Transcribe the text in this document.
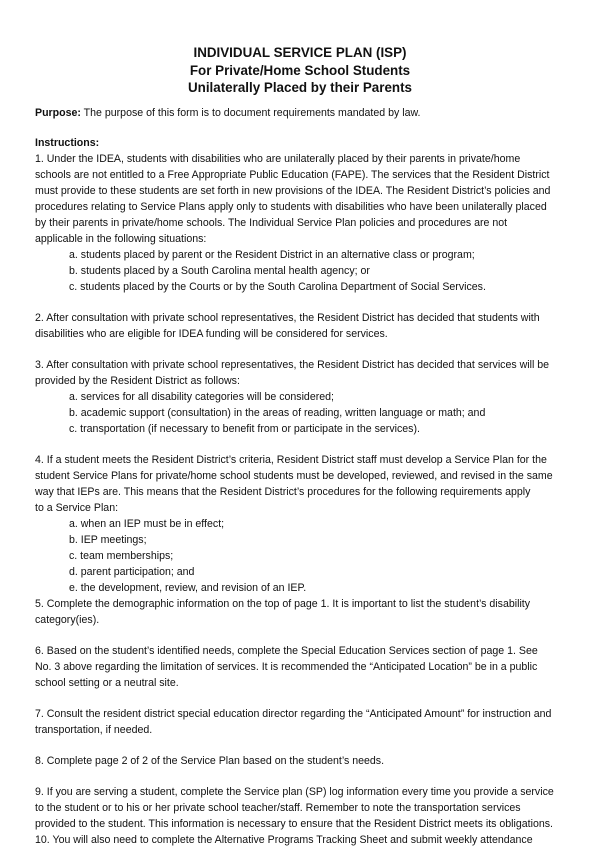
INDIVIDUAL SERVICE PLAN (ISP)

For Private/Home School Students

Unilaterally Placed by their Parents

Purpose: The purpose of this form is to document requirements mandated by law.

Instructions:

1. Under the IDEA, students with disabilities who are unilaterally placed by their parents in private/home

schools are not entitled to a Free Appropriate Public Education (FAPE). The services that the Resident District

must provide to these students are set forth in new provisions of the IDEA. The Resident District’s policies and

procedures relating to Service Plans apply only to students with disabilities who have been unilaterally placed

by their parents in private/home schools. The Individual Service Plan policies and procedures are not

applicable in the following situations:

a. students placed by parent or the Resident District in an alternative class or program;

b. students placed by a South Carolina mental health agency; or

c. students placed by the Courts or by the South Carolina Department of Social Services.

2. After consultation with private school representatives, the Resident District has decided that students with

disabilities who are eligible for IDEA funding will be considered for services.

3. After consultation with private school representatives, the Resident District has decided that services will be

provided by the Resident District as follows:

a. services for all disability categories will be considered;

b. academic support (consultation) in the areas of reading, written language or math; and

c. transportation (if necessary to benefit from or participate in the services).

4. If a student meets the Resident District’s criteria, Resident District staff must develop a Service Plan for the

student Service Plans for private/home school students must be developed, reviewed, and revised in the same

way that IEPs are. This means that the Resident District’s procedures for the following requirements apply

to a Service Plan:

a. when an IEP must be in effect;

b. IEP meetings;

c. team memberships;

d. parent participation; and

e. the development, review, and revision of an IEP.

5. Complete the demographic information on the top of page 1. It is important to list the student’s disability

category(ies).

6. Based on the student’s identified needs, complete the Special Education Services section of page 1. See

No. 3 above regarding the limitation of services. It is recommended the “Anticipated Location” be in a public

school setting or a neutral site.

7. Consult the resident district special education director regarding the “Anticipated Amount” for instruction and

transportation, if needed.

8. Complete page 2 of 2 of the Service Plan based on the student’s needs.

9. If you are serving a student, complete the Service plan (SP) log information every time you provide a service

to the student or to his or her private school teacher/staff. Remember to note the transportation services

provided to the student. This information is necessary to ensure that the Resident District meets its obligations.

10. You will also need to complete the Alternative Programs Tracking Sheet and submit weekly attendance
